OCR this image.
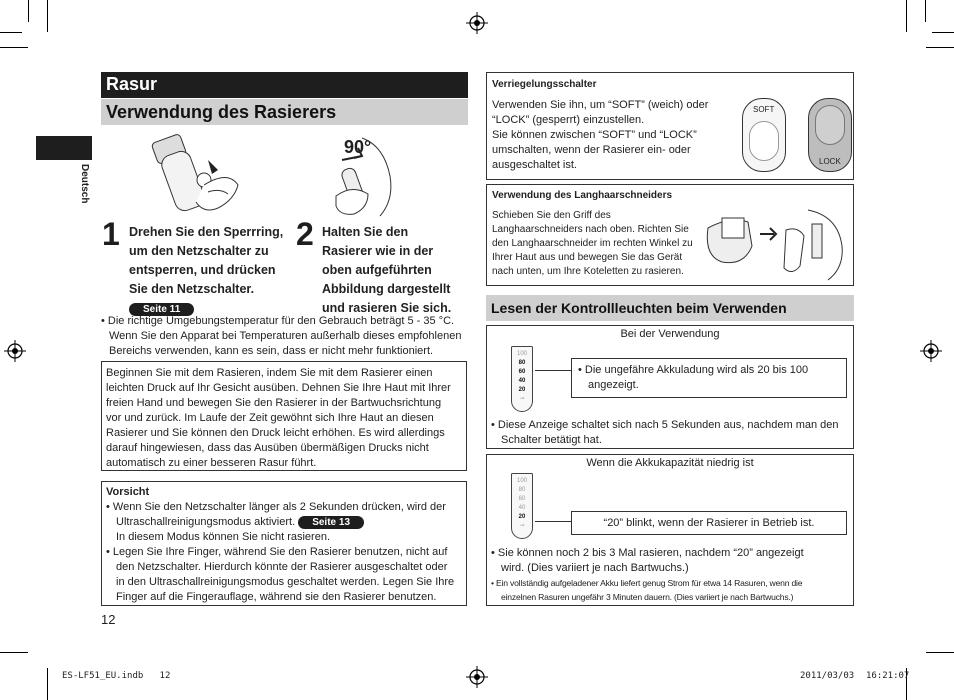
Deutsch
Rasur
Verwendung des Rasierers
90°
1 Drehen Sie den Sperrring,
um den Netzschalter zu
entsperren, und drücken
Sie den Netzschalter.
Seite 11
2 Halten Sie den
Rasierer wie in der
oben aufgeführten
Abbildung dargestellt
und rasieren Sie sich.
• Die richtige Umgebungstemperatur für den Gebrauch beträgt 5 - 35 °C.
Wenn Sie den Apparat bei Temperaturen außerhalb dieses empfohlenen
Bereichs verwenden, kann es sein, dass er nicht mehr funktioniert.
Beginnen Sie mit dem Rasieren, indem Sie mit dem Rasierer einen
leichten Druck auf Ihr Gesicht ausüben. Dehnen Sie Ihre Haut mit Ihrer
freien Hand und bewegen Sie den Rasierer in der Bartwuchsrichtung
vor und zurück. Im Laufe der Zeit gewöhnt sich Ihre Haut an diesen
Rasierer und Sie können den Druck leicht erhöhen. Es wird allerdings
darauf hingewiesen, dass das Ausüben übermäßigen Drucks nicht
automatisch zu einer besseren Rasur führt.
Vorsicht
• Wenn Sie den Netzschalter länger als 2 Sekunden drücken, wird der
Ultraschallreinigungsmodus aktiviert. Seite 13
In diesem Modus können Sie nicht rasieren.
• Legen Sie Ihre Finger, während Sie den Rasierer benutzen, nicht auf
den Netzschalter. Hierdurch könnte der Rasierer ausgeschaltet oder
in den Ultraschallreinigungsmodus geschaltet werden. Legen Sie Ihre
Finger auf die Fingerauflage, während sie den Rasierer benutzen.
12
Verriegelungsschalter
Verwenden Sie ihn, um “SOFT” (weich) oder
“LOCK” (gesperrt) einzustellen.
Sie können zwischen “SOFT” und “LOCK”
umschalten, wenn der Rasierer ein- oder
ausgeschaltet ist.
SOFT
LOCK
Verwendung des Langhaarschneiders
Schieben Sie den Griff des
Langhaarschneiders nach oben. Richten Sie
den Langhaarschneider im rechten Winkel zu
Ihrer Haut aus und bewegen Sie das Gerät
nach unten, um Ihre Koteletten zu rasieren.
Lesen der Kontrollleuchten beim Verwenden
Bei der Verwendung
100
80
60
40
20
⊸
• Die ungefähre Akkuladung wird als 20 bis 100
angezeigt.
• Diese Anzeige schaltet sich nach 5 Sekunden aus, nachdem man den
Schalter betätigt hat.
Wenn die Akkukapazität niedrig ist
100
80
60
40
20
⊸	“20” blinkt, wenn der Rasierer in Betrieb ist.
• Sie können noch 2 bis 3 Mal rasieren, nachdem “20” angezeigt
wird. (Dies variiert je nach Bartwuchs.)
• Ein vollständig aufgeladener Akku liefert genug Strom für etwa 14 Rasuren, wenn die
einzelnen Rasuren ungefähr 3 Minuten dauern. (Dies variiert je nach Bartwuchs.)
ES-LF51_EU.indb   12	2011/03/03 16:21:07
